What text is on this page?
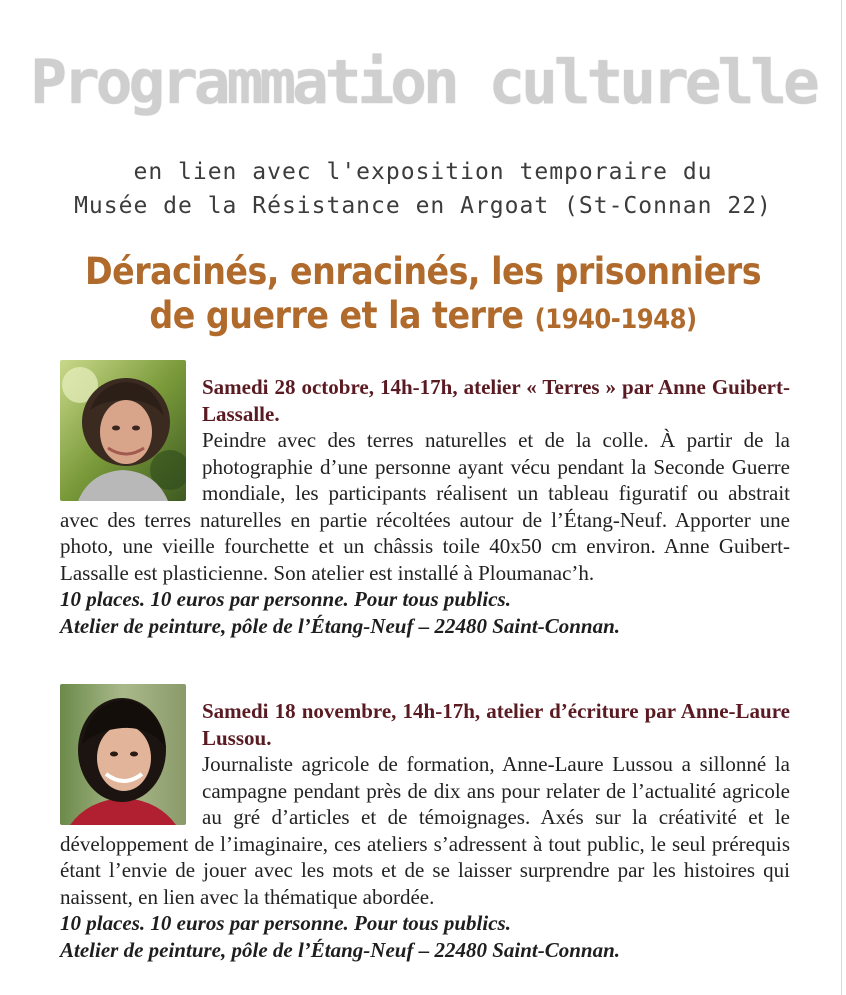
Programmation culturelle
en lien avec l'exposition temporaire du
Musée de la Résistance en Argoat (St-Connan 22)
Déracinés, enracinés, les prisonniers
de guerre et la terre (1940-1948)

Samedi 28 octobre, 14h-17h, atelier « Terres » par Anne Guibert-Lassalle.

Peindre avec des terres naturelles et de la colle. À partir de la photographie d’une personne ayant vécu pendant la Seconde Guerre mondiale, les participants réalisent un tableau figuratif ou abstrait avec des terres naturelles en partie récoltées autour de l’Étang-Neuf. Apporter une photo, une vieille fourchette et un châssis toile 40x50 cm environ. Anne Guibert-Lassalle est plasticienne. Son atelier est installé à Ploumanac’h.

10 places. 10 euros par personne. Pour tous publics.

Atelier de peinture, pôle de l’Étang-Neuf – 22480 Saint-Connan.

Samedi 18 novembre, 14h-17h, atelier d’écriture par Anne-Laure Lussou.

Journaliste agricole de formation, Anne-Laure Lussou a sillonné la campagne pendant près de dix ans pour relater de l’actualité agricole au gré d’articles et de témoignages. Axés sur la créativité et le développement de l’imaginaire, ces ateliers s’adressent à tout public, le seul prérequis étant l’envie de jouer avec les mots et de se laisser surprendre par les histoires qui naissent, en lien avec la thématique abordée.

10 places. 10 euros par personne. Pour tous publics.

Atelier de peinture, pôle de l’Étang-Neuf – 22480 Saint-Connan.
